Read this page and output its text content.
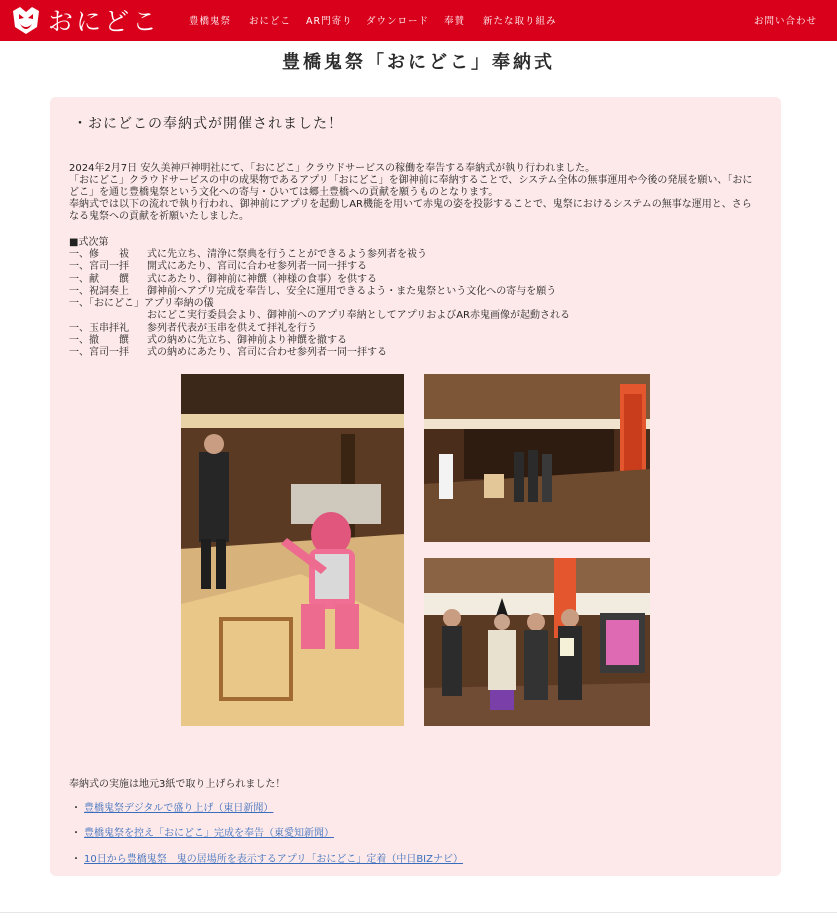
おにどこ	豊橋鬼祭 おにどこ AR門寄り ダウンロード 奉賛 新たな取り組み	お問い合わせ
豊橋鬼祭「おにどこ」奉納式
・おにどこの奉納式が開催されました！

2024年2月7日 安久美神戸神明社にて、「おにどこ」クラウドサービスの稼働を奉告する奉納式が執り行われました。

「おにどこ」クラウドサービスの中の成果物であるアプリ「おにどこ」を御神前に奉納することで、システム全体の無事運用や今後の発展を願い、「おにどこ」を通じ豊橋鬼祭という文化への寄与・ひいては郷土豊橋への貢献を願うものとなります。

奉納式では以下の流れで執り行われ、御神前にアプリを起動しAR機能を用いて赤鬼の姿を投影することで、鬼祭におけるシステムの無事な運用と、さらなる鬼祭への貢献を祈願いたしました。

■式次第
一、修　　祓	式に先立ち、清浄に祭典を行うことができるよう参列者を祓う
一、宮司一拝	開式にあたり、宮司に合わせ参列者一同一拝する
一、献　　饌	式にあたり、御神前に神饌（神様の食事）を供する
一、祝詞奏上	御神前へアプリ完成を奉告し、安全に運用できるよう・また鬼祭という文化への寄与を願う
一、「おにどこ」アプリ奉納の儀
おにどこ実行委員会より、御神前へのアプリ奉納としてアプリおよびAR赤鬼画像が起動される
一、玉串拝礼	参列者代表が玉串を供えて拝礼を行う
一、撤　　饌	式の納めに先立ち、御神前より神饌を撤する
一、宮司一拝	式の納めにあたり、宮司に合わせ参列者一同一拝する
奉納式の実施は地元3紙で取り上げられました！
・ 豊橋鬼祭デジタルで盛り上げ（東日新聞）
・ 豊橋鬼祭を控え「おにどこ」完成を奉告（東愛知新聞）
・ 10日から豊橋鬼祭　鬼の居場所を表示するアプリ「おにどこ」定着（中日BIZナビ）
